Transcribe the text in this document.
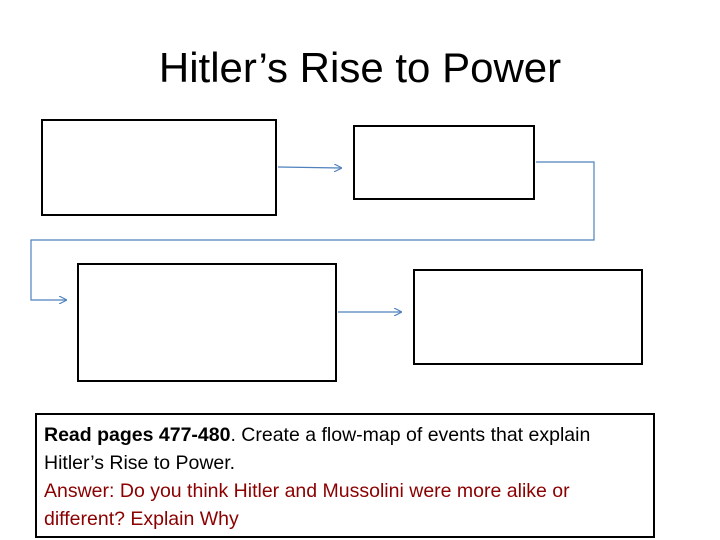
Hitler’s Rise to Power
Read pages 477-480. Create a flow-map of events that explain Hitler’s Rise to Power.
Answer: Do you think Hitler and Mussolini were more alike or different? Explain Why
